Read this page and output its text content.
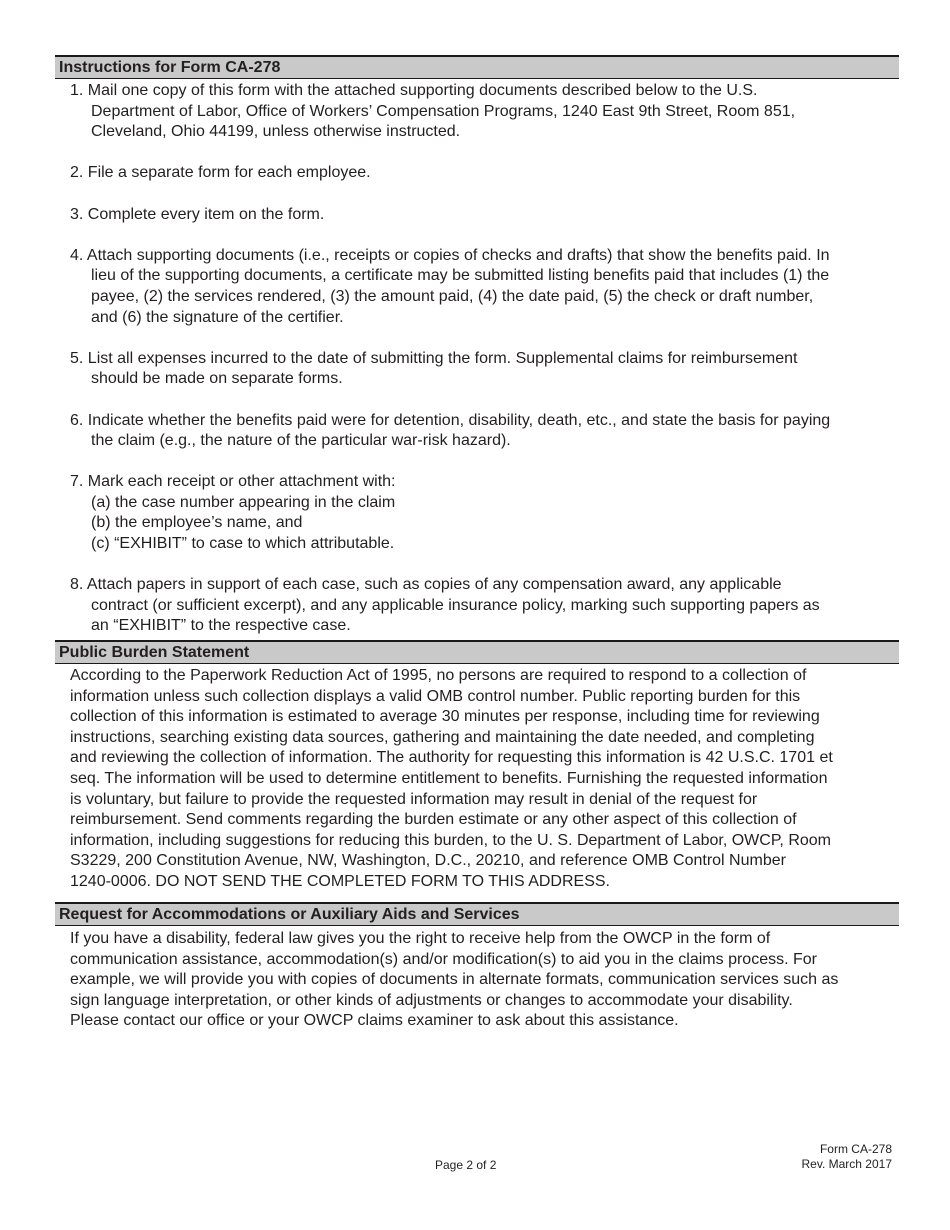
Instructions for Form CA-278
1. Mail one copy of this form with the attached supporting documents described below to the U.S.
Department of Labor, Office of Workers’ Compensation Programs, 1240 East 9th Street, Room 851,
Cleveland, Ohio 44199, unless otherwise instructed.
2. File a separate form for each employee.
3. Complete every item on the form.
4. Attach supporting documents (i.e., receipts or copies of checks and drafts) that show the benefits paid. In
lieu of the supporting documents, a certificate may be submitted listing benefits paid that includes (1) the
payee, (2) the services rendered, (3) the amount paid, (4) the date paid, (5) the check or draft number,
and (6) the signature of the certifier.
5. List all expenses incurred to the date of submitting the form. Supplemental claims for reimbursement
should be made on separate forms.
6. Indicate whether the benefits paid were for detention, disability, death, etc., and state the basis for paying
the claim (e.g., the nature of the particular war-risk hazard).
7. Mark each receipt or other attachment with:
(a) the case number appearing in the claim
(b) the employee’s name, and
(c) “EXHIBIT” to case to which attributable.
8. Attach papers in support of each case, such as copies of any compensation award, any applicable
contract (or sufficient excerpt), and any applicable insurance policy, marking such supporting papers as
an “EXHIBIT” to the respective case.
Public Burden Statement
According to the Paperwork Reduction Act of 1995, no persons are required to respond to a collection of
information unless such collection displays a valid OMB control number. Public reporting burden for this
collection of this information is estimated to average 30 minutes per response, including time for reviewing
instructions, searching existing data sources, gathering and maintaining the date needed, and completing
and reviewing the collection of information. The authority for requesting this information is 42 U.S.C. 1701 et
seq. The information will be used to determine entitlement to benefits. Furnishing the requested information
is voluntary, but failure to provide the requested information may result in denial of the request for
reimbursement. Send comments regarding the burden estimate or any other aspect of this collection of
information, including suggestions for reducing this burden, to the U. S. Department of Labor, OWCP, Room
S3229, 200 Constitution Avenue, NW, Washington, D.C., 20210, and reference OMB Control Number
1240-0006. DO NOT SEND THE COMPLETED FORM TO THIS ADDRESS.
Request for Accommodations or Auxiliary Aids and Services
If you have a disability, federal law gives you the right to receive help from the OWCP in the form of
communication assistance, accommodation(s) and/or modification(s) to aid you in the claims process. For
example, we will provide you with copies of documents in alternate formats, communication services such as
sign language interpretation, or other kinds of adjustments or changes to accommodate your disability.
Please contact our office or your OWCP claims examiner to ask about this assistance.
Page 2 of 2
Form CA-278
Rev. March 2017
